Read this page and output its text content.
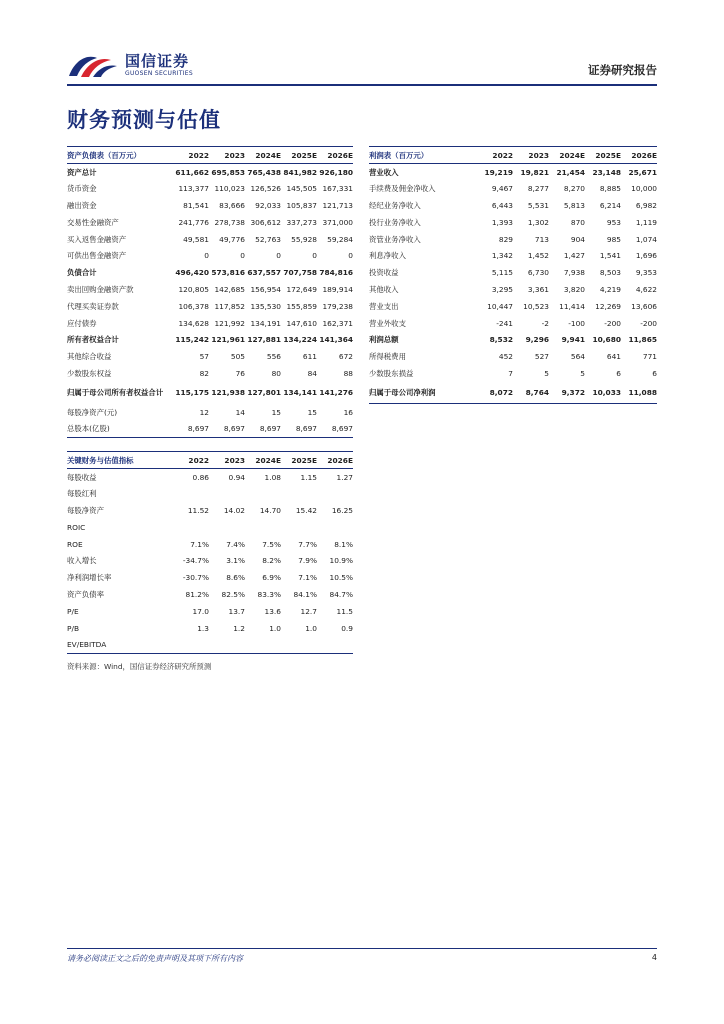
国信证券
GUOSEN SECURITIES	证券研究报告
财务预测与估值
资产负债表（百万元）	2022	2023	2024E	2025E	2026E
资产总计	611,662	695,853	765,438	841,982	926,180
货币资金	113,377	110,023	126,526	145,505	167,331
融出资金	81,541	83,666	92,033	105,837	121,713
交易性金融资产	241,776	278,738	306,612	337,273	371,000
买入返售金融资产	49,581	49,776	52,763	55,928	59,284
可供出售金融资产	0	0	0	0	0
负债合计	496,420	573,816	637,557	707,758	784,816
卖出回购金融资产款	120,805	142,685	156,954	172,649	189,914
代理买卖证券款	106,378	117,852	135,530	155,859	179,238
应付债券	134,628	121,992	134,191	147,610	162,371
所有者权益合计	115,242	121,961	127,881	134,224	141,364
其他综合收益	57	505	556	611	672
少数股东权益	82	76	80	84	88
归属于母公司所有者权益合计	115,175	121,938	127,801	134,141	141,276
每股净资产(元)	12	14	15	15	16
总股本(亿股)	8,697	8,697	8,697	8,697	8,697
利润表（百万元）	2022	2023	2024E	2025E	2026E
营业收入	19,219	19,821	21,454	23,148	25,671
手续费及佣金净收入	9,467	8,277	8,270	8,885	10,000
经纪业务净收入	6,443	5,531	5,813	6,214	6,982
投行业务净收入	1,393	1,302	870	953	1,119
资管业务净收入	829	713	904	985	1,074
利息净收入	1,342	1,452	1,427	1,541	1,696
投资收益	5,115	6,730	7,938	8,503	9,353
其他收入	3,295	3,361	3,820	4,219	4,622
营业支出	10,447	10,523	11,414	12,269	13,606
营业外收支	-241	-2	-100	-200	-200
利润总额	8,532	9,296	9,941	10,680	11,865
所得税费用	452	527	564	641	771
少数股东损益	7	5	5	6	6
归属于母公司净利润	8,072	8,764	9,372	10,033	11,088
关键财务与估值指标	2022	2023	2024E	2025E	2026E
每股收益	0.86	0.94	1.08	1.15	1.27
每股红利					
每股净资产	11.52	14.02	14.70	15.42	16.25
ROIC					
ROE	7.1%	7.4%	7.5%	7.7%	8.1%
收入增长	-34.7%	3.1%	8.2%	7.9%	10.9%
净利润增长率	-30.7%	8.6%	6.9%	7.1%	10.5%
资产负债率	81.2%	82.5%	83.3%	84.1%	84.7%
P/E	17.0	13.7	13.6	12.7	11.5
P/B	1.3	1.2	1.0	1.0	0.9
EV/EBITDA					
资料来源：Wind，国信证券经济研究所预测
请务必阅读正文之后的免责声明及其项下所有内容	4
